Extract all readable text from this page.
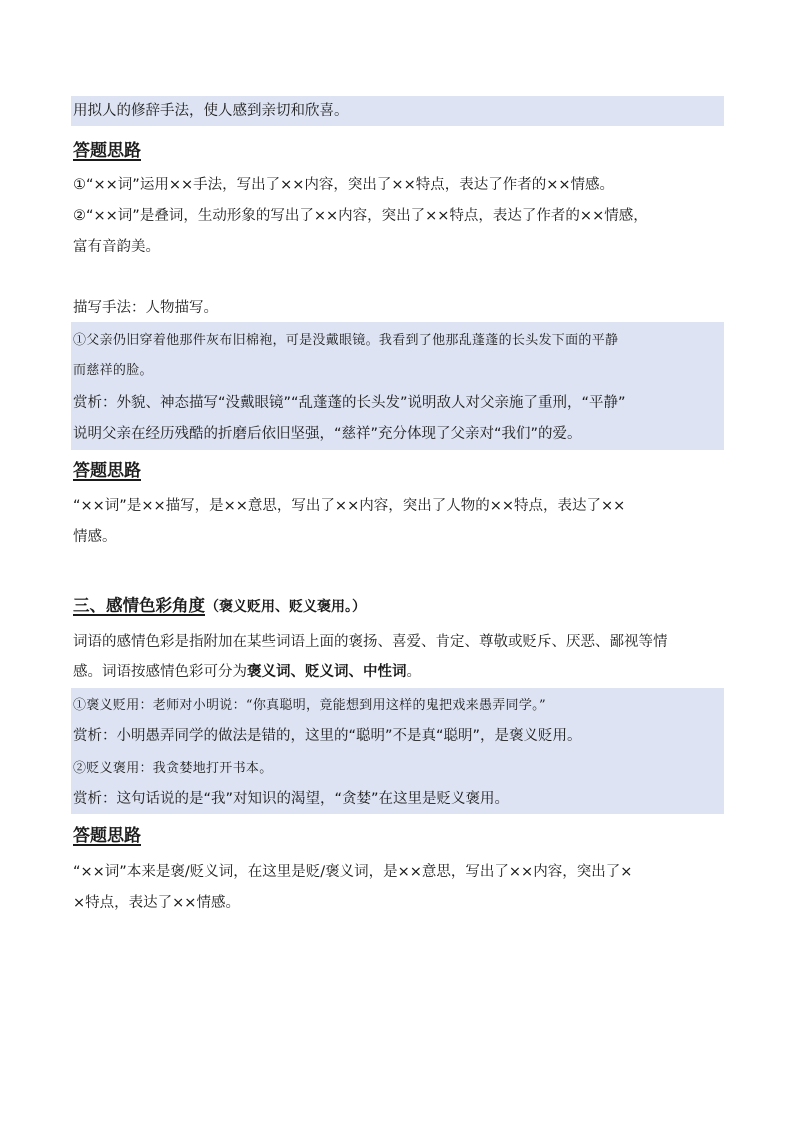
用拟人的修辞手法，使人感到亲切和欣喜。
答题思路
①“××词”运用××手法，写出了××内容，突出了××特点，表达了作者的××情感。
②“××词”是叠词，生动形象的写出了××内容，突出了××特点，表达了作者的××情感，
富有音韵美。
描写手法：人物描写。
①父亲仍旧穿着他那件灰布旧棉袍，可是没戴眼镜。我看到了他那乱蓬蓬的长头发下面的平静
而慈祥的脸。
赏析：外貌、神态描写“没戴眼镜”“乱蓬蓬的长头发”说明敌人对父亲施了重刑，“平静”
说明父亲在经历残酷的折磨后依旧坚强，“慈祥”充分体现了父亲对“我们”的爱。
答题思路
“××词”是××描写，是××意思，写出了××内容，突出了人物的××特点，表达了××
情感。
三、感情色彩角度（褒义贬用、贬义褒用。）
词语的感情色彩是指附加在某些词语上面的褒扬、喜爱、肯定、尊敬或贬斥、厌恶、鄙视等情
感。词语按感情色彩可分为褒义词、贬义词、中性词。
①褒义贬用：老师对小明说：“你真聪明，竟能想到用这样的鬼把戏来愚弄同学。”
赏析：小明愚弄同学的做法是错的，这里的“聪明”不是真“聪明”，是褒义贬用。
②贬义褒用：我贪婪地打开书本。
赏析：这句话说的是“我”对知识的渴望，“贪婪”在这里是贬义褒用。
答题思路
“××词”本来是褒/贬义词，在这里是贬/褒义词，是××意思，写出了××内容，突出了×
×特点，表达了××情感。
